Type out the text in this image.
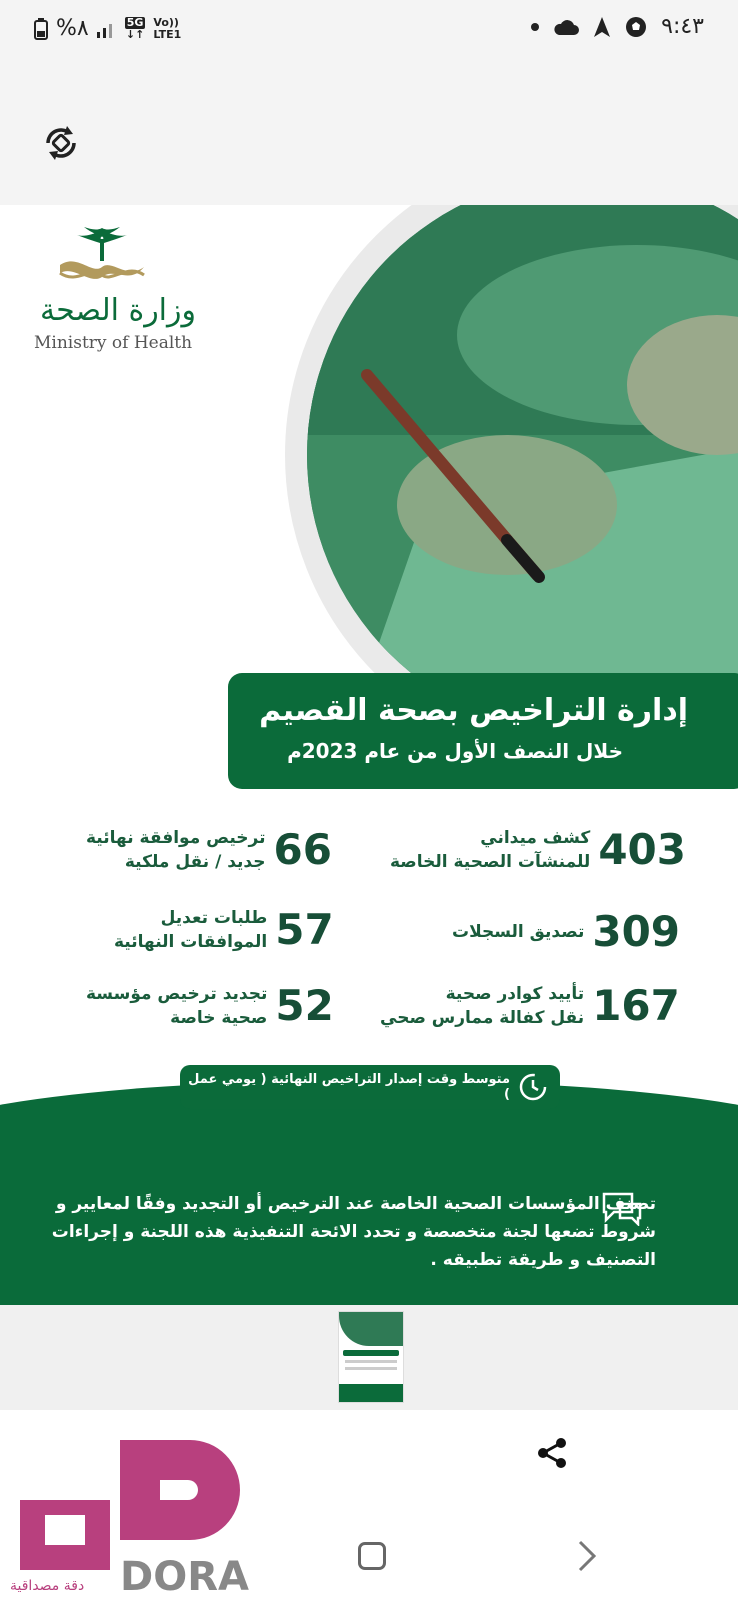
%٨	5G
↓↑
Vo))
LTE1	٩:٤٣
وزارة الصحة
Ministry of Health
إدارة التراخيص بصحة القصيم
خلال النصف الأول من عام 2023م
كشف ميداني
للمنشآت الصحية الخاصة 403
تصديق السجلات 309
تأييد كوادر صحية
نقل كفالة ممارس صحي 167
ترخيص موافقة نهائية
جديد / نقل ملكية 66
طلبات تعديل
الموافقات النهائية 57
تجديد ترخيص مؤسسة
صحية خاصة 52
متوسط وقت إصدار التراخيص النهائية ( يومي عمل )
تصنف المؤسسات الصحية الخاصة عند الترخيص أو التجديد وفقًا لمعايير و شروط تضعها لجنة متخصصة و تحدد الائحة التنفيذية هذه اللجنة و إجراءات التصنيف و طريقة تطبيقه .
DORA
دقة مصداقية
